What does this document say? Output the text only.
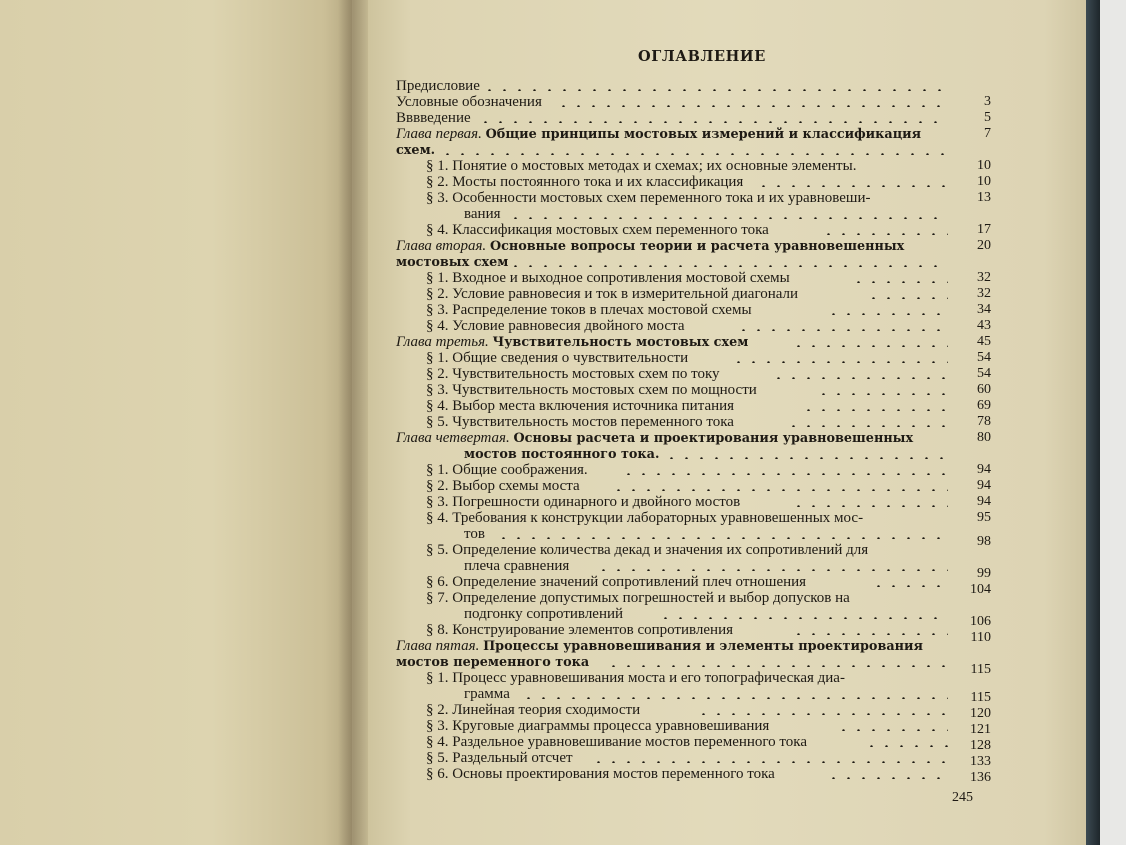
ОГЛАВЛЕНИЕ
Предисловие
Условные обозначения
Вввведение
Глава первая. Общие принципы мостовых измерений и классификация
схем.
§ 1. Понятие о мостовых методах и схемах; их основные элементы.
§ 2. Мосты постоянного тока и их классификация
§ 3. Особенности мостовых схем переменного тока и их уравновеши-
вания
§ 4. Классификация мостовых схем переменного тока
Глава вторая. Основные вопросы теории и расчета уравновешенных
мостовых схем
§ 1. Входное и выходное сопротивления мостовой схемы
§ 2. Условие равновесия и ток в измерительной диагонали
§ 3. Распределение токов в плечах мостовой схемы
§ 4. Условие равновесия двойного моста
Глава третья. Чувствительность мостовых схем
§ 1. Общие сведения о чувствительности
§ 2. Чувствительность мостовых схем по току
§ 3. Чувствительность мостовых схем по мощности
§ 4. Выбор места включения источника питания
§ 5. Чувствительность мостов переменного тока
Глава четвертая. Основы расчета и проектирования уравновешенных
мостов постоянного тока.
§ 1. Общие соображения.
§ 2. Выбор схемы моста
§ 3. Погрешности одинарного и двойного мостов
§ 4. Требования к конструкции лабораторных уравновешенных мос-
тов
§ 5. Определение количества декад и значения их сопротивлений для
плеча сравнения
§ 6. Определение значений сопротивлений плеч отношения
§ 7. Определение допустимых погрешностей и выбор допусков на
подгонку сопротивлений
§ 8. Конструирование элементов сопротивления
Глава пятая. Процессы уравновешивания и элементы проектирования
мостов переменного тока
§ 1. Процесс уравновешивания моста и его топографическая диа-
грамма
§ 2. Линейная теория сходимости
§ 3. Круговые диаграммы процесса уравновешивания
§ 4. Раздельное уравновешивание мостов переменного тока
§ 5. Раздельный отсчет
§ 6. Основы проектирования мостов переменного тока
3
5
7
10
10
13
17
20
32
32
34
43
45
54
54
60
69
78
80
94
94
94
95
98
99
104
106
110
115
115
120
121
128
133
136
245
